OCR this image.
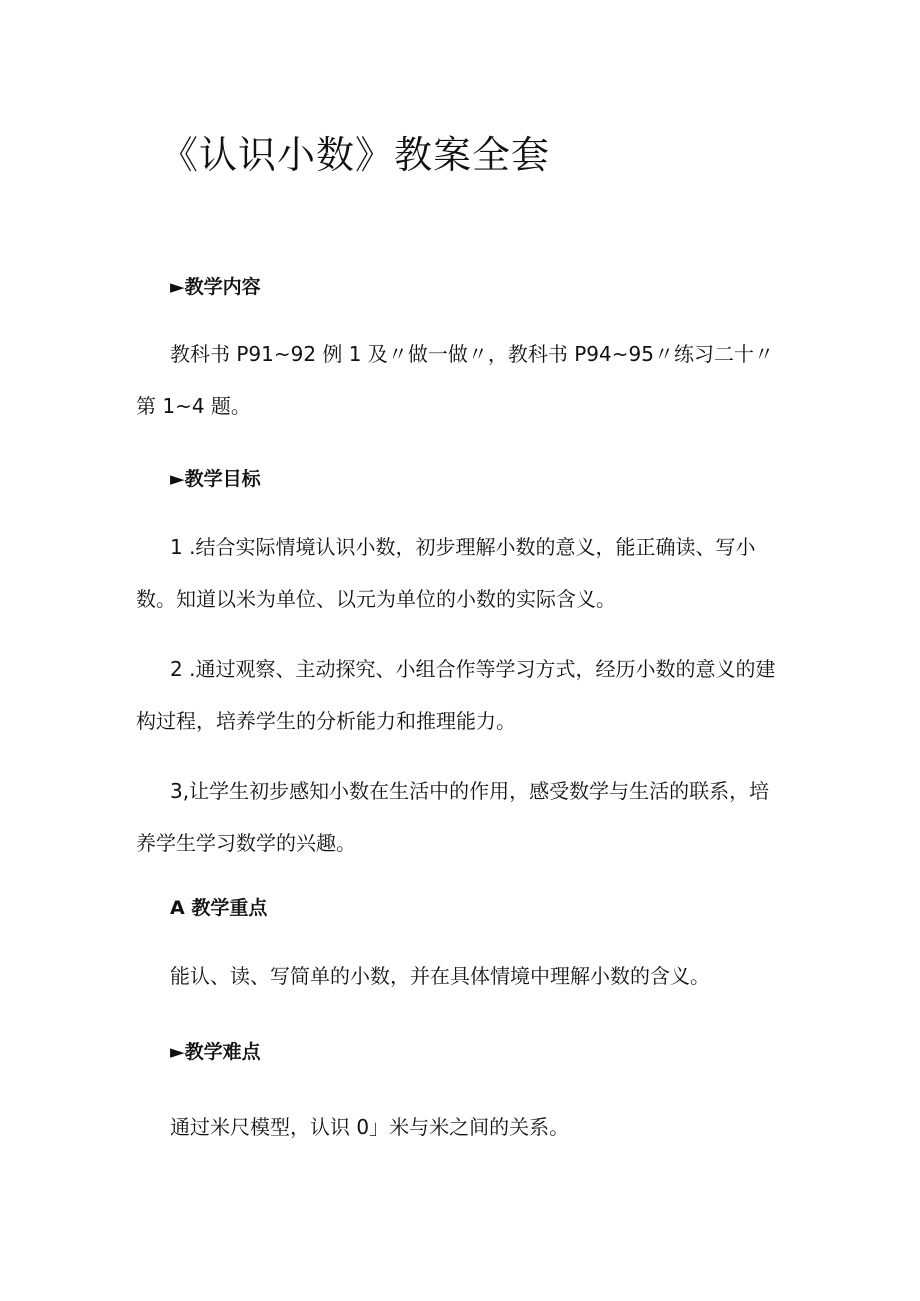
《认识小数》教案全套
►教学内容

教科书 P91~92 例 1 及〃做一做〃，教科书 P94~95〃练习二十〃
第 1~4 题。

►教学目标

1 .结合实际情境认识小数，初步理解小数的意义，能正确读、写小
数。知道以米为单位、以元为单位的小数的实际含义。

2 .通过观察、主动探究、小组合作等学习方式，经历小数的意义的建
构过程，培养学生的分析能力和推理能力。

3,让学生初步感知小数在生活中的作用，感受数学与生活的联系，培
养学生学习数学的兴趣。

A 教学重点

能认、读、写简单的小数，并在具体情境中理解小数的含义。

►教学难点

通过米尺模型，认识 0」米与米之间的关系。
